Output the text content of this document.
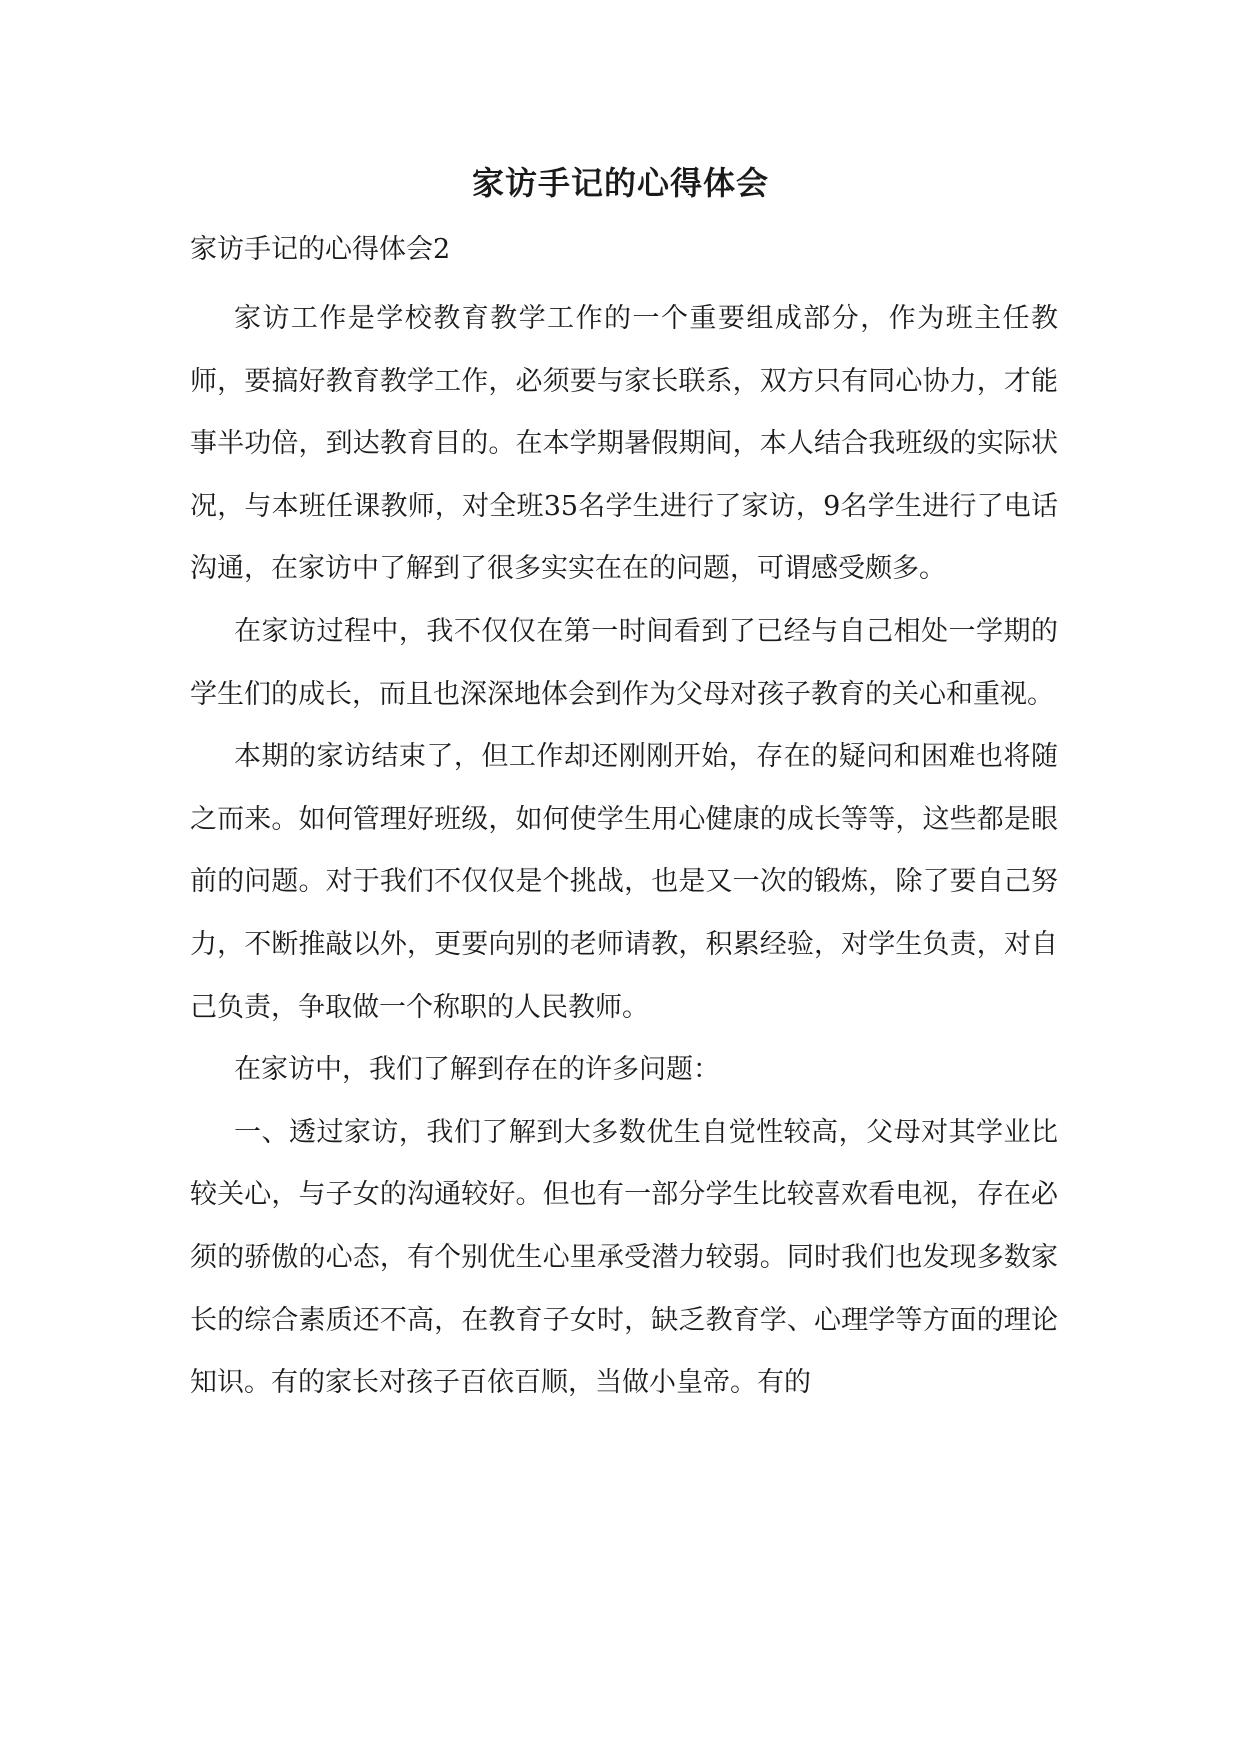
家访手记的心得体会
家访手记的心得体会2

家访工作是学校教育教学工作的一个重要组成部分，作为班主任教师，要搞好教育教学工作，必须要与家长联系，双方只有同心协力，才能事半功倍，到达教育目的。在本学期暑假期间，本人结合我班级的实际状况，与本班任课教师，对全班35名学生进行了家访，9名学生进行了电话沟通，在家访中了解到了很多实实在在的问题，可谓感受颇多。

在家访过程中，我不仅仅在第一时间看到了已经与自己相处一学期的学生们的成长，而且也深深地体会到作为父母对孩子教育的关心和重视。

本期的家访结束了，但工作却还刚刚开始，存在的疑问和困难也将随之而来。如何管理好班级，如何使学生用心健康的成长等等，这些都是眼前的问题。对于我们不仅仅是个挑战，也是又一次的锻炼，除了要自己努力，不断推敲以外，更要向别的老师请教，积累经验，对学生负责，对自己负责，争取做一个称职的人民教师。

在家访中，我们了解到存在的许多问题：

一、透过家访，我们了解到大多数优生自觉性较高，父母对其学业比较关心，与子女的沟通较好。但也有一部分学生比较喜欢看电视，存在必须的骄傲的心态，有个别优生心里承受潜力较弱。同时我们也发现多数家长的综合素质还不高，在教育子女时，缺乏教育学、心理学等方面的理论知识。有的家长对孩子百依百顺，当做小皇帝。有的
